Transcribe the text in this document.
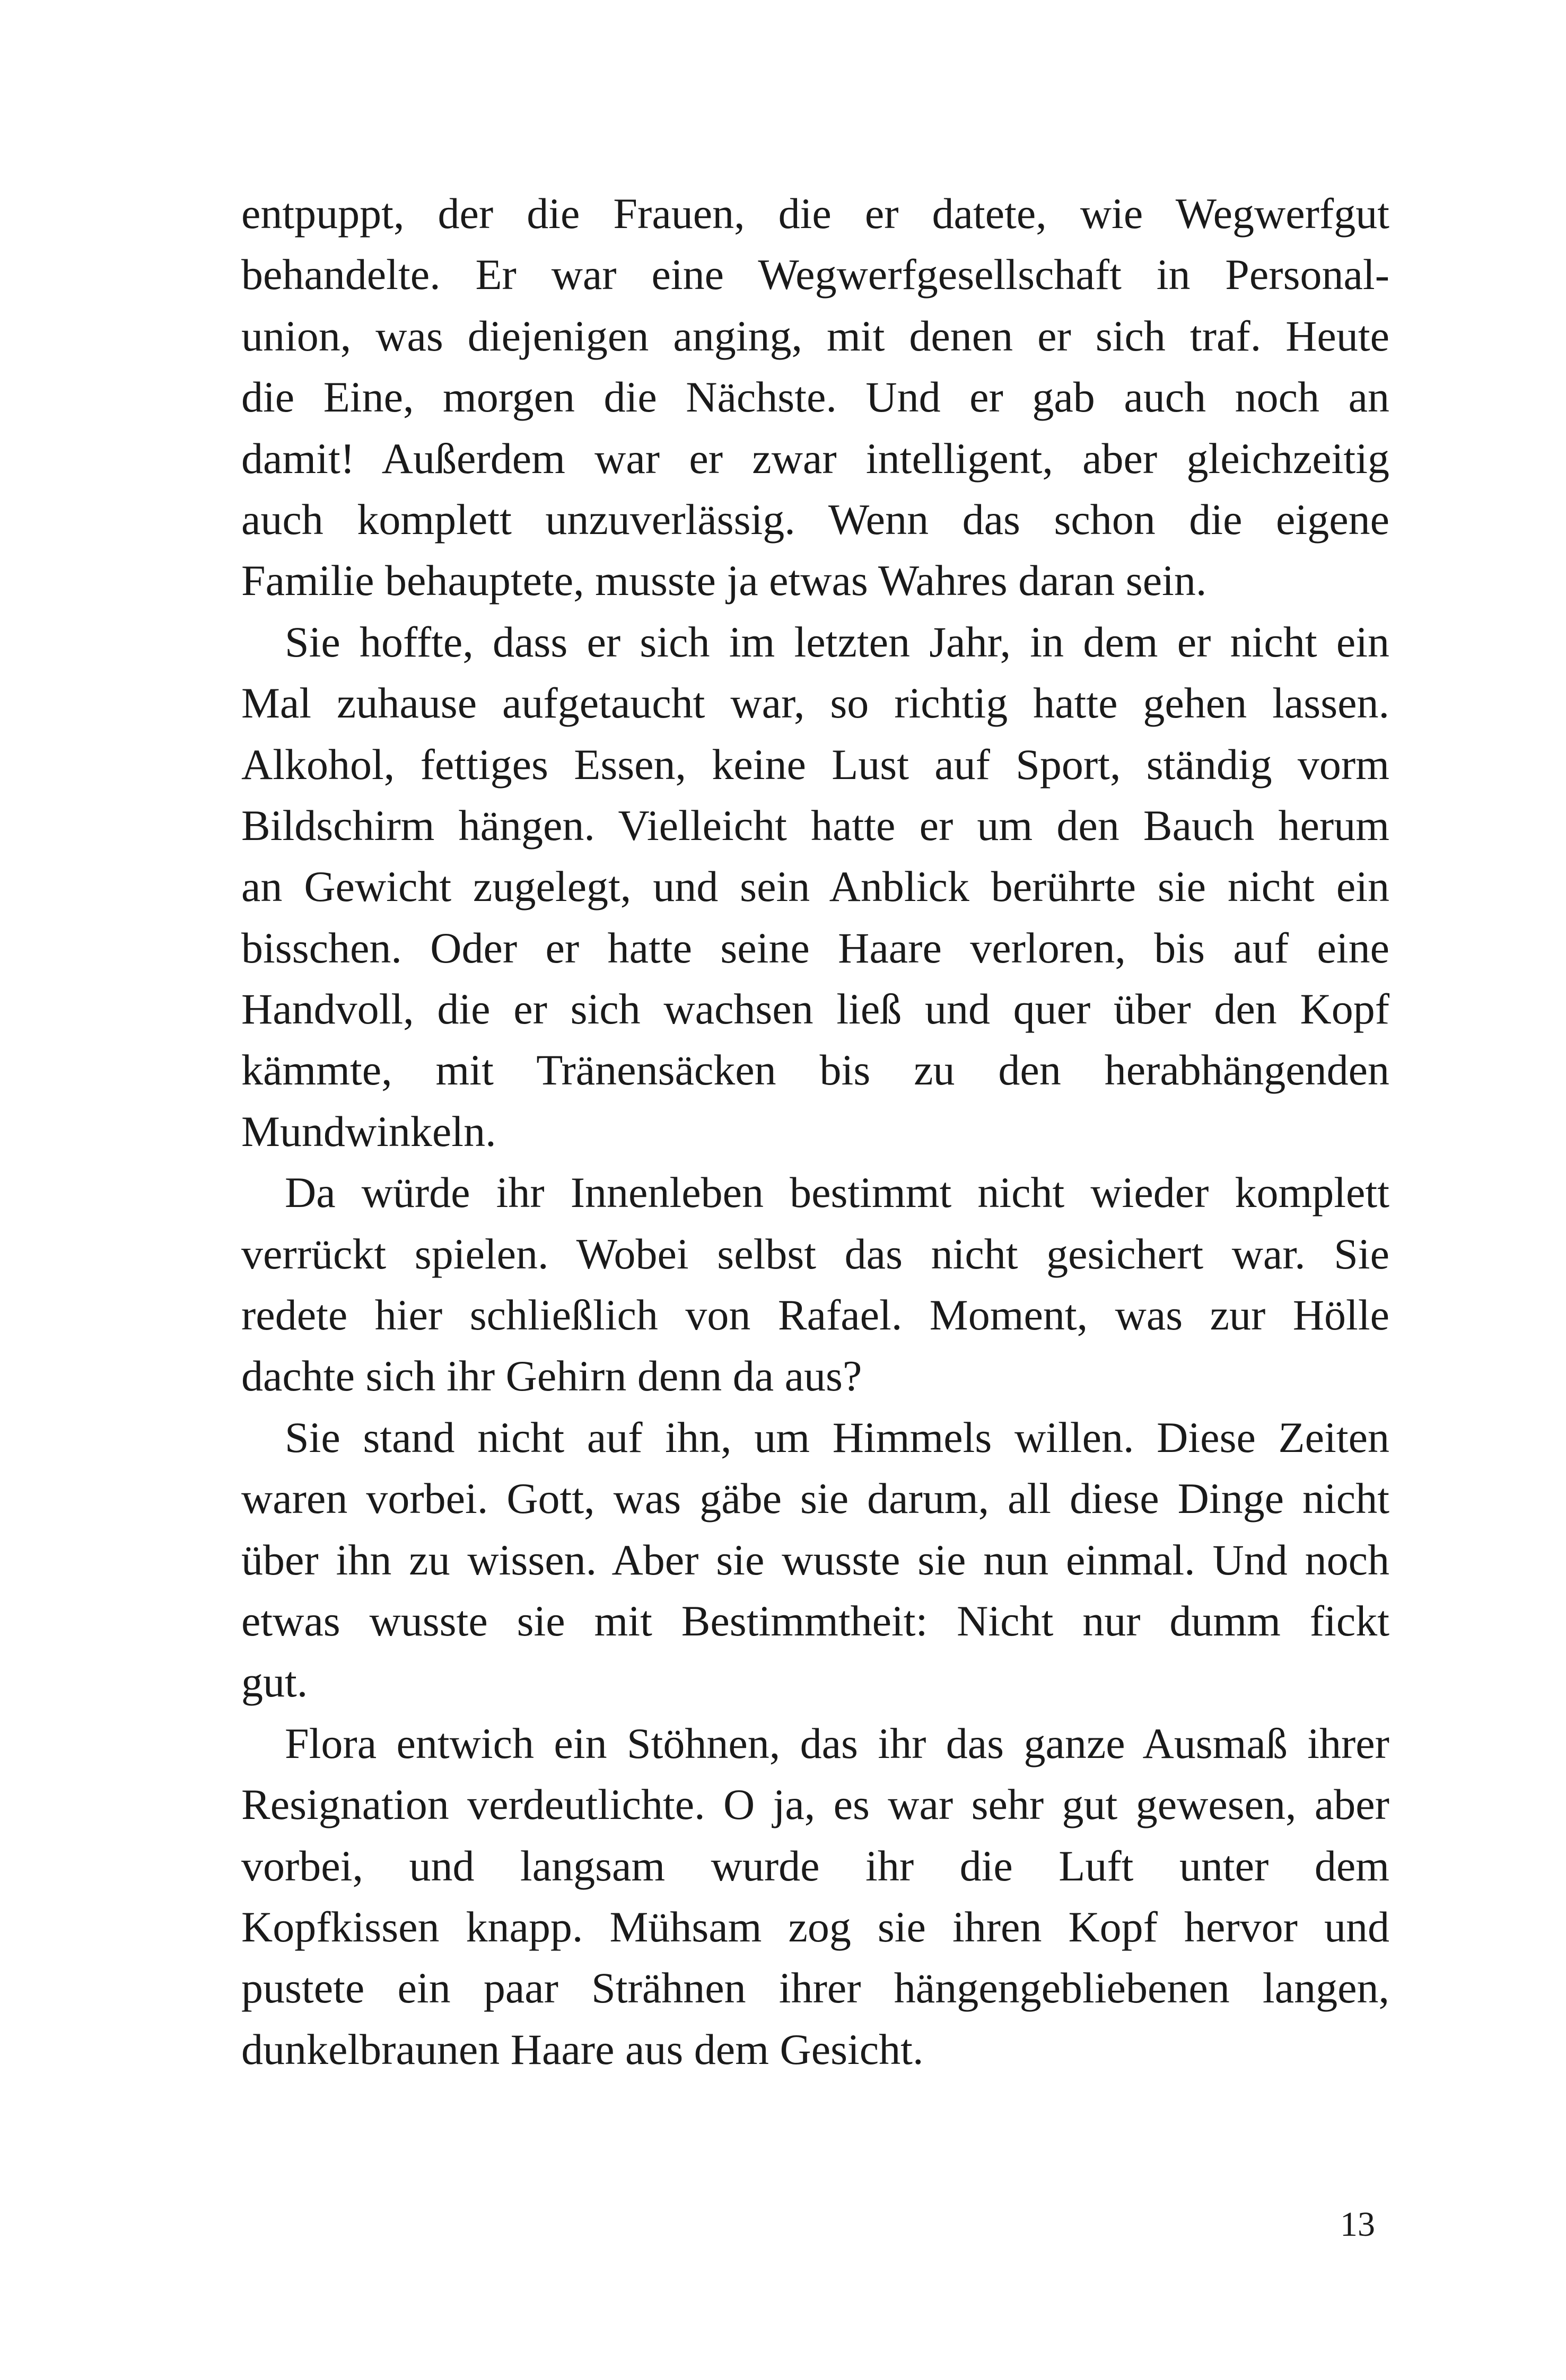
entpuppt, der die Frauen, die er datete, wie Wegwerfgut
behandelte. Er war eine Wegwerfgesellschaft in Personal-
union, was diejenigen anging, mit denen er sich traf. Heute
die Eine, morgen die Nächste. Und er gab auch noch an
damit! Außerdem war er zwar intelligent, aber gleichzeitig
auch komplett unzuverlässig. Wenn das schon die eigene
Familie behauptete, musste ja etwas Wahres daran sein.
Sie hoffte, dass er sich im letzten Jahr, in dem er nicht ein
Mal zuhause aufgetaucht war, so richtig hatte gehen lassen.
Alkohol, fettiges Essen, keine Lust auf Sport, ständig vorm
Bildschirm hängen. Vielleicht hatte er um den Bauch herum
an Gewicht zugelegt, und sein Anblick berührte sie nicht ein
bisschen. Oder er hatte seine Haare verloren, bis auf eine
Handvoll, die er sich wachsen ließ und quer über den Kopf
kämmte, mit Tränensäcken bis zu den herabhängenden
Mundwinkeln.
Da würde ihr Innenleben bestimmt nicht wieder komplett
verrückt spielen. Wobei selbst das nicht gesichert war. Sie
redete hier schließlich von Rafael. Moment, was zur Hölle
dachte sich ihr Gehirn denn da aus?
Sie stand nicht auf ihn, um Himmels willen. Diese Zeiten
waren vorbei. Gott, was gäbe sie darum, all diese Dinge nicht
über ihn zu wissen. Aber sie wusste sie nun einmal. Und noch
etwas wusste sie mit Bestimmtheit: Nicht nur dumm fickt
gut.
Flora entwich ein Stöhnen, das ihr das ganze Ausmaß ihrer
Resignation verdeutlichte. O ja, es war sehr gut gewesen, aber
vorbei, und langsam wurde ihr die Luft unter dem
Kopfkissen knapp. Mühsam zog sie ihren Kopf hervor und
pustete ein paar Strähnen ihrer hängengebliebenen langen,
dunkelbraunen Haare aus dem Gesicht.
13
